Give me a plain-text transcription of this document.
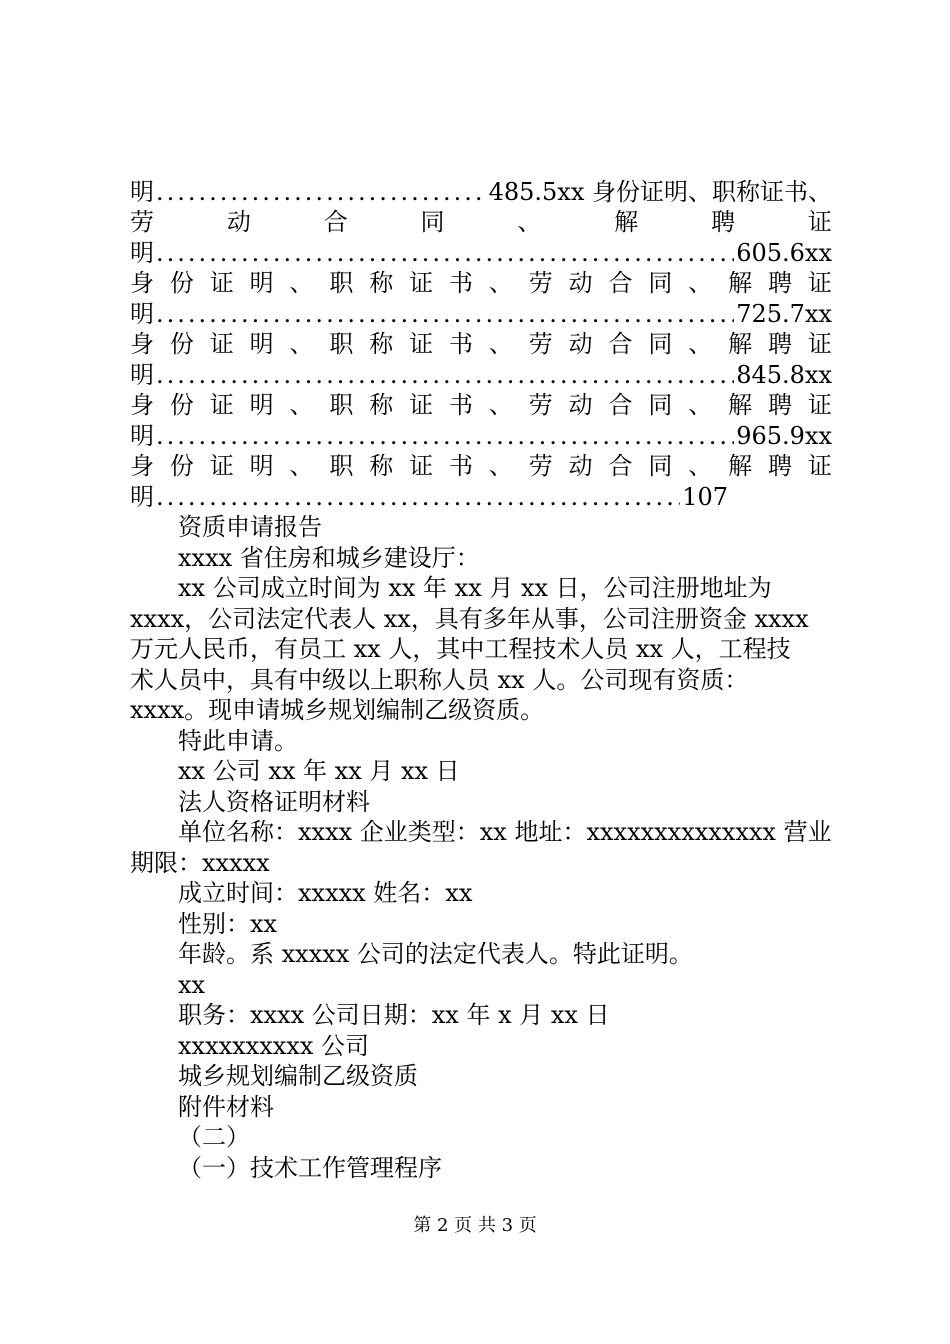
明 .....	485.5xx 身份证明、职称证书、
劳	动	合	同	、	解	聘	证
明 .....	605.6xx
身 份 证 明 、 职 称 证 书 、 劳 动 合 同 、 解 聘 证
明 .....	725.7xx
身 份 证 明 、 职 称 证 书 、 劳 动 合 同 、 解 聘 证
明 .....	845.8xx
身 份 证 明 、 职 称 证 书 、 劳 动 合 同 、 解 聘 证
明 .....	965.9xx
身 份 证 明 、 职 称 证 书 、 劳 动 合 同 、 解 聘 证
明 .....	107
资质申请报告
xxxx 省住房和城乡建设厅：
xx 公司成立时间为 xx 年 xx 月 xx 日，公司注册地址为
xxxx，公司法定代表人 xx，具有多年从事，公司注册资金 xxxx
万元人民币，有员工 xx 人，其中工程技术人员 xx 人，工程技
术人员中，具有中级以上职称人员 xx 人。公司现有资质：
xxxx。现申请城乡规划编制乙级资质。
特此申请。
xx 公司 xx 年 xx 月 xx 日
法人资格证明材料
单位名称：xxxx 企业类型：xx 地址：xxxxxxxxxxxxxx 营业
期限：xxxxx
成立时间：xxxxx 姓名：xx
性别：xx
年龄。系 xxxxx 公司的法定代表人。特此证明。
xx
职务：xxxx 公司日期：xx 年 x 月 xx 日
xxxxxxxxxx 公司
城乡规划编制乙级资质
附件材料
（二）
（一）技术工作管理程序
第 2 页 共 3 页
